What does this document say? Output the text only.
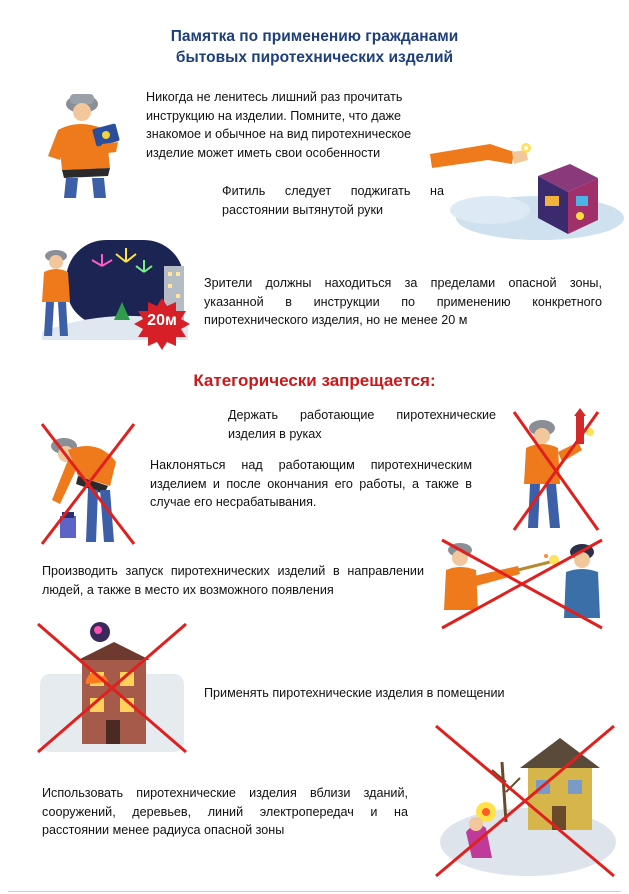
Памятка по применению гражданами
бытовых пиротехнических изделий

Никогда не ленитесь лишний раз прочитать инструкцию на изделии. Помните, что даже знакомое и обычное на вид пиротехническое изделие может иметь свои особенности

Фитиль следует поджигать на расстоянии вытянутой руки

20м

Зрители должны находиться за пределами опасной зоны, указанной в инструкции по применению конкретного пиротехнического изделия, но не менее 20 м

Категорически запрещается:

Держать работающие пиротехнические изделия в руках

Наклоняться над работающим пиротехническим изделием и после окончания его работы, а также в случае его несрабатывания.

Производить запуск пиротехнических изделий в направлении людей, а также в место их возможного появления

Применять пиротехнические изделия в помещении

Использовать пиротехнические изделия вблизи зданий, сооружений, деревьев, линий электропередач и на расстоянии менее радиуса опасной зоны
